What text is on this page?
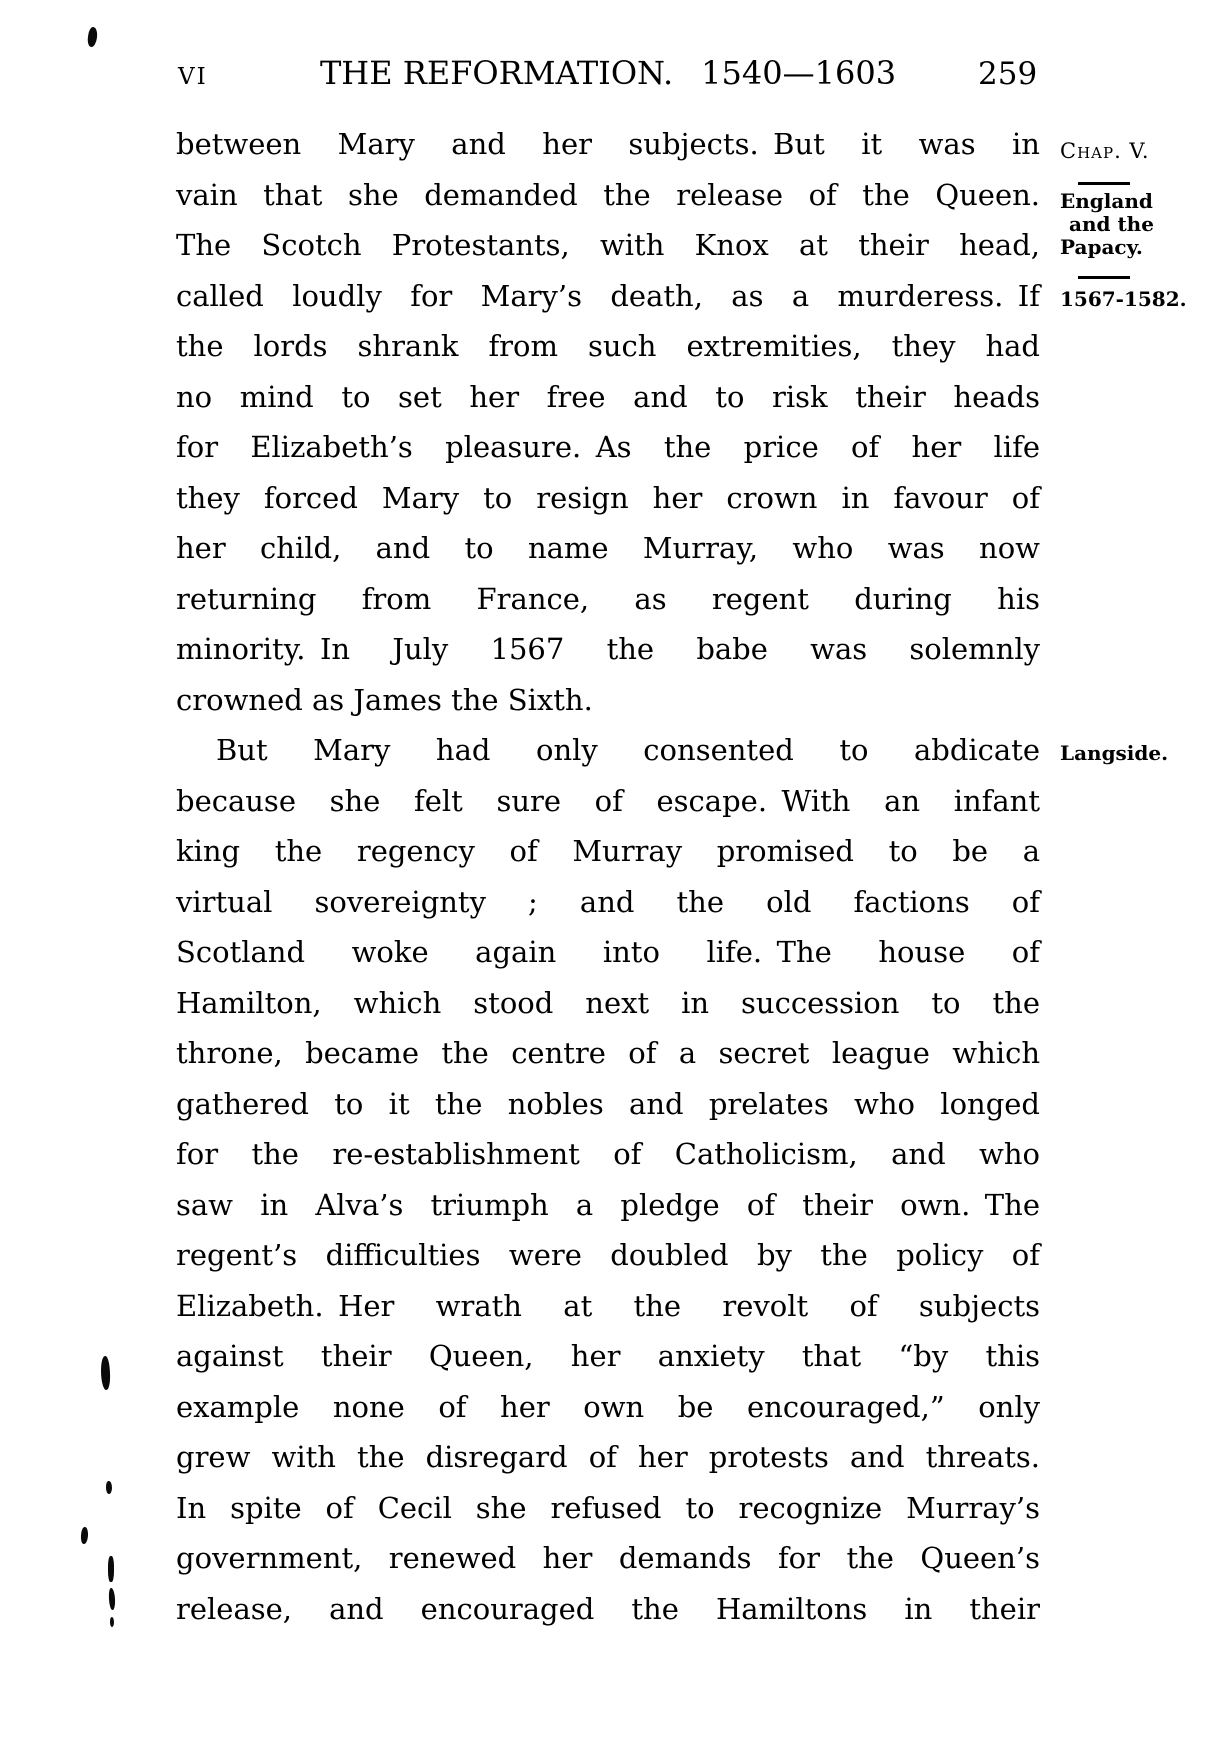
VI	THE REFORMATION. 1540—1603	259
between Mary and her subjects. But it was in
vain that she demanded the release of the Queen.
The Scotch Protestants, with Knox at their head,
called loudly for Mary’s death, as a murderess. If
the lords shrank from such extremities, they had
no mind to set her free and to risk their heads
for Elizabeth’s pleasure. As the price of her life
they forced Mary to resign her crown in favour of
her child, and to name Murray, who was now
returning from France, as regent during his
minority. In July 1567 the babe was solemnly
crowned as James the Sixth.
But Mary had only consented to abdicate
because she felt sure of escape. With an infant
king the regency of Murray promised to be a
virtual sovereignty ; and the old factions of
Scotland woke again into life. The house of
Hamilton, which stood next in succession to the
throne, became the centre of a secret league which
gathered to it the nobles and prelates who longed
for the re-establishment of Catholicism, and who
saw in Alva’s triumph a pledge of their own. The
regent’s difficulties were doubled by the policy of
Elizabeth. Her wrath at the revolt of subjects
against their Queen, her anxiety that “by this
example none of her own be encouraged,” only
grew with the disregard of her protests and threats.
In spite of Cecil she refused to recognize Murray’s
government, renewed her demands for the Queen’s
release, and encouraged the Hamiltons in their
Chap. V.
England
and the
Papacy.
1567-1582.
Langside.
